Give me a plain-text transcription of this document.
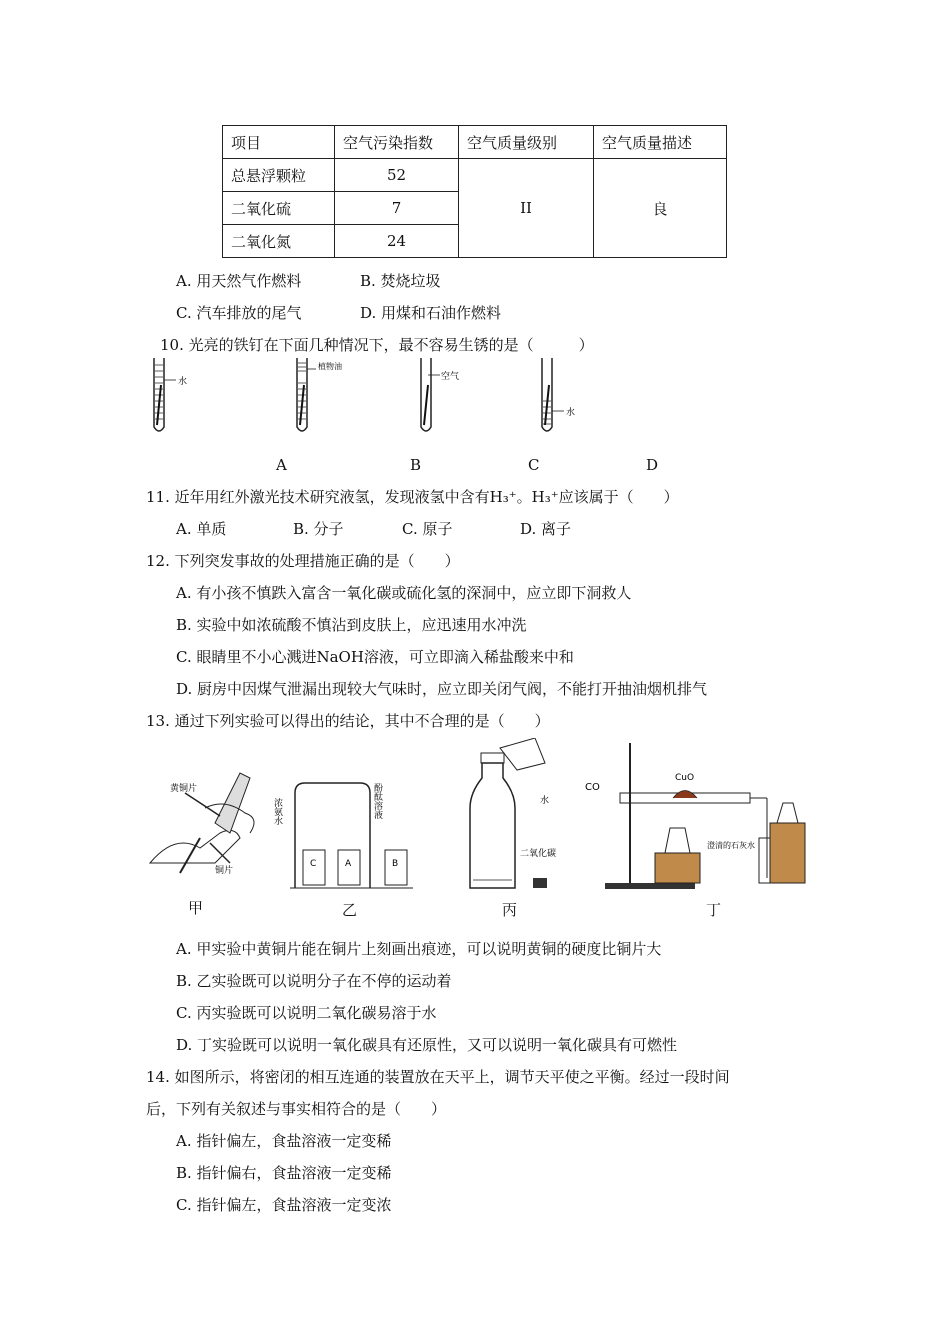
项目	空气污染指数	空气质量级别	空气质量描述
总悬浮颗粒	52	II	良
二氧化硫	7		
二氧化氮	24		
A. 用天然气作燃料	B. 焚烧垃圾
C. 汽车排放的尾气	D. 用煤和石油作燃料
10. 光亮的铁钉在下面几种情况下，最不容易生锈的是（　　　）
水
植物油
空气
水
A	B	C	D
11. 近年用红外激光技术研究液氢，发现液氢中含有H₃⁺。H₃⁺应该属于（　　）
A. 单质	B. 分子	C. 原子	D. 离子
12. 下列突发事故的处理措施正确的是（　　）
A. 有小孩不慎跌入富含一氧化碳或硫化氢的深洞中，应立即下洞救人
B. 实验中如浓硫酸不慎沾到皮肤上，应迅速用水冲洗
C. 眼睛里不小心溅进NaOH溶液，可立即滴入稀盐酸来中和
D. 厨房中因煤气泄漏出现较大气味时，应立即关闭气阀，不能打开抽油烟机排气
13. 通过下列实验可以得出的结论，其中不合理的是（　　）
黄铜片
铜片
C	A	B
浓氨水	酚酞溶液	水
二氧化碳
CO
CuO
澄清的石灰水
甲	乙	丙	丁
A. 甲实验中黄铜片能在铜片上刻画出痕迹，可以说明黄铜的硬度比铜片大
B. 乙实验既可以说明分子在不停的运动着
C. 丙实验既可以说明二氧化碳易溶于水
D. 丁实验既可以说明一氧化碳具有还原性，又可以说明一氧化碳具有可燃性
14. 如图所示，将密闭的相互连通的装置放在天平上，调节天平使之平衡。经过一段时间
后，下列有关叙述与事实相符合的是（　　）
A. 指针偏左，食盐溶液一定变稀
B. 指针偏右，食盐溶液一定变稀
C. 指针偏左，食盐溶液一定变浓
